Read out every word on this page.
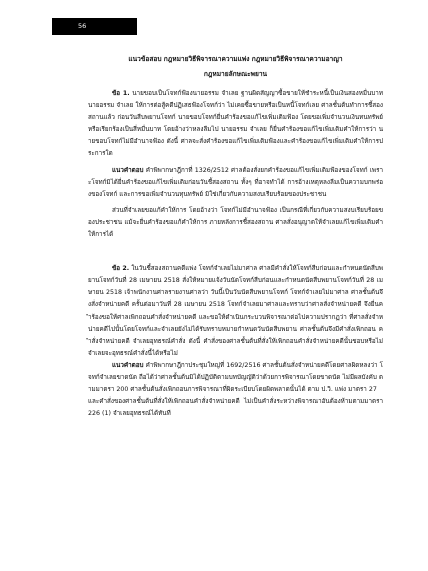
56

แนวข้อสอบ กฎหมายวิธีพิจารณาความแพ่ง กฎหมายวิธีพิจารณาความอาญา

กฎหมายลักษณะพยาน

ข้อ 1. นายขอบเป็นโจทก์ฟ้องนายอรรม จำเลย ฐานผิดสัญญาซื้อขายให้ชำระหนี้เป็นเงินสองหมื่นบาท นายอรรม จำเลย ให้การต่อสู้คดีปฏิเสธฟ้องโจทก์ว่า ไม่เคยซื้อขายหรือเป็นหนี้โจทก์เลย ศาลชั้นต้นทำการชี้สองสถานแล้ว ก่อนวันสืบพยานโจทก์ นายขอบโจทก์ยื่นคำร้องขอแก้ไขเพิ่มเติมฟ้อง โดยขอเพิ่มจำนวนเงินทนทรัพย์หรือเรียกร้องเป็นสี่หมื่นบาท โดยอ้างว่าหลงลืมไป นายอรรม จำเลย ก็ยื่นคำร้องขอแก้ไขเพิ่มเติมคำให้การว่า นายขอบโจทก์ไม่มีอำนาจฟ้อง ดังนี้ ศาลจะสั่งคำร้องขอแก้ไขเพิ่มเติมฟ้องและคำร้องขอแก้ไขเพิ่มเติมคำให้การประการใด

แนวคำตอบ คำพิพากษาฎีกาที่ 1326/2512 ศาลต้องสั่งยกคำร้องขอแก้ไขเพิ่มเติมฟ้องของโจทก์ เพราะโจทก์มิได้ยื่นคำร้องขอแก้ไขเพิ่มเติมก่อนวันชี้สองสถาน ทั้งๆ ที่อาจทำได้ การอ้างเหตุหลงลืมเป็นความบกพร่องของโจทก์ และการขอเพิ่มจำนวนทุนทรัพย์ มิใช่เกี่ยวกับความสงบเรียบร้อยของประชาชน

ส่วนที่จำเลยขอแก้คำให้การ โดยอ้างว่า โจทก์ไม่มีอำนาจฟ้อง เป็นกรณีที่เกี่ยวกับความสงบเรียบร้อยของประชาชน แม้จะยื่นคำร้องขอแก้คำให้การ ภายหลังการชี้สองสถาน ศาลสั่งอนุญาตให้จำเลยแก้ไขเพิ่มเติมคำให้การได้

ข้อ 2. ในวันชี้สองสถานคดีแพ่ง โจทก์จำเลยไม่มาศาล ศาลมีคำสั่งให้โจทก์สืบก่อนและกำหนดนัดสืบพยานโจทก์วันที่ 28 เมษายน 2518 สั่งให้หมายแจ้งวันนัดโจทก์สืบก่อนและกำหนดนัดสืบพยานโจทก์วันที่ 28 เมษายน 2518 เจ้าพนักงานศาลรายงานศาลว่า วันนี้เป็นวันนัดสืบพยานโจทก์ โจทก์จำเลยไม่มาศาล ศาลชั้นต้นจึงสั่งจำหน่ายคดี ครั้นต่อมาวันที่ 28 เมษายน 2518 โจทก์จำเลยมาศาลและทราบว่าศาลสั่งจำหน่ายคดี จึงยื่นคำร้องขอให้ศาลเพิกถอนคำสั่งจำหน่ายคดี และขอให้ดำเนินกระบวนพิจารณาต่อไปความปรากฏว่า ที่ศาลสั่งจำหน่ายคดีไปนั้นโดยโจทก์และจำเลยยังไม่ได้รับทราบหมายกำหนดวันนัดสืบพยาน ศาลชั้นต้นจึงมีคำสั่งเพิกถอน คำสั่งจำหน่ายคดี จำเลยอุทธรณ์คำสั่ง ดังนี้ คำสั่งของศาลชั้นต้นที่สั่งให้เพิกถอนคำสั่งจำหน่ายคดีนั้นชอบหรือไม่ จำเลยจะอุทธรณ์คำสั่งนี้ได้หรือไม่

แนวคำตอบ คำพิพากษาฎีกาประชุมใหญ่ที่ 1692/2516 ศาลชั้นต้นสั่งจำหน่ายคดีโดยศาลผิดหลงว่า โจทก์จำเลยขาดนัด ถือได้ว่าศาลชั้นต้นมิได้ปฏิบัติตามบทบัญญัติว่าด้วยการพิจารณาโดยขาดนัด ไม่มีผลบังคับ ตามมาตรา 200 ศาลชั้นต้นสั่งเพิกถอนการพิจารณาที่ผิดระเบียบโดยผิดพลาดนั้นได้ ตาม ป.วิ. แพ่ง มาตรา 27

และคำสั่งของศาลชั้นต้นที่สั่งให้เพิกถอนคำสั่งจำหน่ายคดี ไม่เป็นคำสั่งระหว่างพิจารณาอันต้องห้ามตามมาตรา 226 (1) จำเลยอุทธรณ์ได้ทันที
